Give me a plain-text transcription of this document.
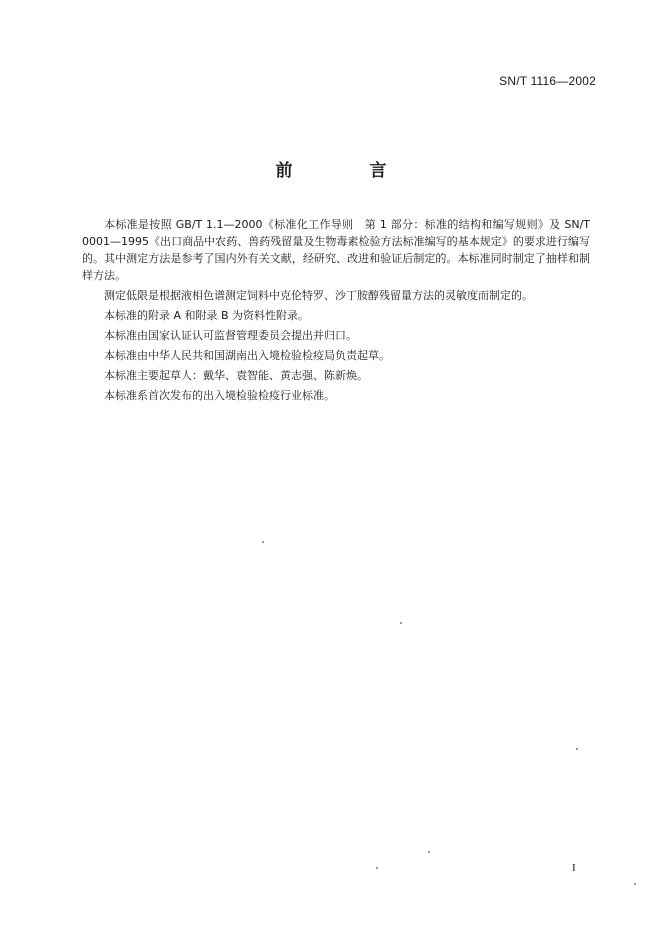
SN/T 1116—2002
前　言

本标准是按照 GB/T 1.1—2000《标准化工作导则　第 1 部分：标准的结构和编写规则》及 SN/T 0001—1995《出口商品中农药、兽药残留量及生物毒素检验方法标准编写的基本规定》的要求进行编写的。其中测定方法是参考了国内外有关文献，经研究、改进和验证后制定的。本标准同时制定了抽样和制样方法。

测定低限是根据液相色谱测定饲料中克伦特罗、沙丁胺醇残留量方法的灵敏度而制定的。

本标准的附录 A 和附录 B 为资料性附录。

本标准由国家认证认可监督管理委员会提出并归口。

本标准由中华人民共和国湖南出入境检验检疫局负责起草。

本标准主要起草人：戴华、袁智能、黄志强、陈新焕。

本标准系首次发布的出入境检验检疫行业标准。

I
